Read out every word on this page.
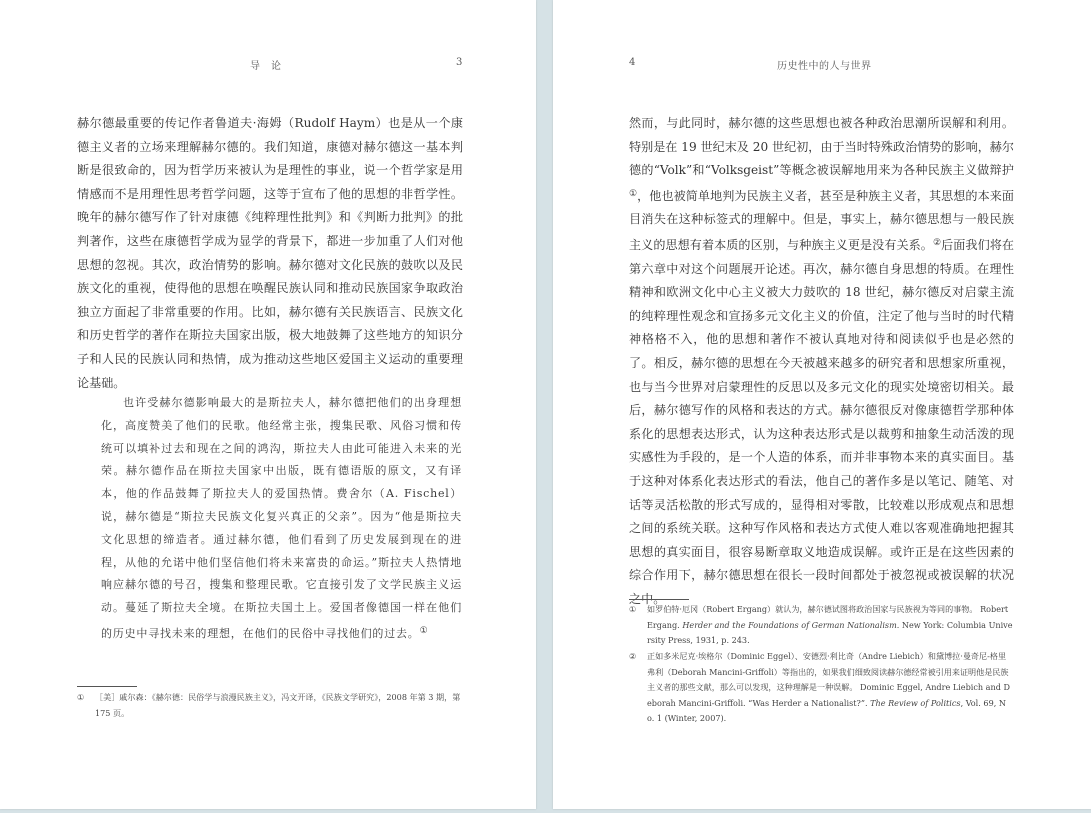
导　论	3

赫尔德最重要的传记作者鲁道夫·海姆（Rudolf Haym）也是从一个康德主义者的立场来理解赫尔德的。我们知道，康德对赫尔德这一基本判断是很致命的，因为哲学历来被认为是理性的事业，说一个哲学家是用情感而不是用理性思考哲学问题，这等于宣布了他的思想的非哲学性。晚年的赫尔德写作了针对康德《纯粹理性批判》和《判断力批判》的批判著作，这些在康德哲学成为显学的背景下，都进一步加重了人们对他思想的忽视。其次，政治情势的影响。赫尔德对文化民族的鼓吹以及民族文化的重视，使得他的思想在唤醒民族认同和推动民族国家争取政治独立方面起了非常重要的作用。比如，赫尔德有关民族语言、民族文化和历史哲学的著作在斯拉夫国家出版，极大地鼓舞了这些地方的知识分子和人民的民族认同和热情，成为推动这些地区爱国主义运动的重要理论基础。

也许受赫尔德影响最大的是斯拉夫人，赫尔德把他们的出身理想化，高度赞美了他们的民歌。他经常主张，搜集民歌、风俗习惯和传统可以填补过去和现在之间的鸿沟，斯拉夫人由此可能进入未来的光荣。赫尔德作品在斯拉夫国家中出版，既有德语版的原文，又有译本，他的作品鼓舞了斯拉夫人的爱国热情。费舍尔（A. Fischel）说，赫尔德是“斯拉夫民族文化复兴真正的父亲”。因为“他是斯拉夫文化思想的缔造者。通过赫尔德，他们看到了历史发展到现在的进程，从他的允诺中他们坚信他们将未来富贵的命运。”斯拉夫人热情地响应赫尔德的号召，搜集和整理民歌。它直接引发了文学民族主义运动。蔓延了斯拉夫全境。在斯拉夫国土上。爱国者像德国一样在他们的历史中寻找未来的理想，在他们的民俗中寻找他们的过去。①

① ［美］戚尔森：《赫尔德：民俗学与浪漫民族主义》，冯文开译，《民族文学研究》，2008 年第 3 期，第 175 页。
4	历史性中的人与世界

然而，与此同时，赫尔德的这些思想也被各种政治思潮所误解和利用。特别是在 19 世纪末及 20 世纪初，由于当时特殊政治情势的影响，赫尔德的“Volk”和“Volksgeist”等概念被误解地用来为各种民族主义做辩护①，他也被简单地判为民族主义者，甚至是种族主义者，其思想的本来面目消失在这种标签式的理解中。但是，事实上，赫尔德思想与一般民族主义的思想有着本质的区别，与种族主义更是没有关系。②后面我们将在第六章中对这个问题展开论述。再次，赫尔德自身思想的特质。在理性精神和欧洲文化中心主义被大力鼓吹的 18 世纪，赫尔德反对启蒙主流的纯粹理性观念和宣扬多元文化主义的价值，注定了他与当时的时代精神格格不入，他的思想和著作不被认真地对待和阅读似乎也是必然的了。相反，赫尔德的思想在今天被越来越多的研究者和思想家所重视，也与当今世界对启蒙理性的反思以及多元文化的现实处境密切相关。最后，赫尔德写作的风格和表达的方式。赫尔德很反对像康德哲学那种体系化的思想表达形式，认为这种表达形式是以裁剪和抽象生动活泼的现实感性为手段的，是一个人造的体系，而并非事物本来的真实面目。基于这种对体系化表达形式的看法，他自己的著作多是以笔记、随笔、对话等灵活松散的形式写成的，显得相对零散，比较难以形成观点和思想之间的系统关联。这种写作风格和表达方式使人难以客观准确地把握其思想的真实面目，很容易断章取义地造成误解。或许正是在这些因素的综合作用下，赫尔德思想在很长一段时间都处于被忽视或被误解的状况之中。

① 如罗伯特·厄冈（Robert Ergang）就认为，赫尔德试图将政治国家与民族视为等同的事物。 Robert Ergang. Herder and the Foundations of German Nationalism. New York: Columbia University Press, 1931, p. 243.
② 正如多米尼克·埃格尔（Dominic Eggel）、安德烈·利比奇（Andre Liebich）和黛博拉·曼奇尼-格里弗利（Deborah Mancini-Griffoli）等指出的，如果我们细致阅读赫尔德经常被引用来证明他是民族主义者的那些文献，那么可以发现，这种理解是一种误解。 Dominic Eggel, Andre Liebich and Deborah Mancini-Griffoli. “Was Herder a Nationalist?”. The Review of Politics, Vol. 69, No. 1 (Winter, 2007).
